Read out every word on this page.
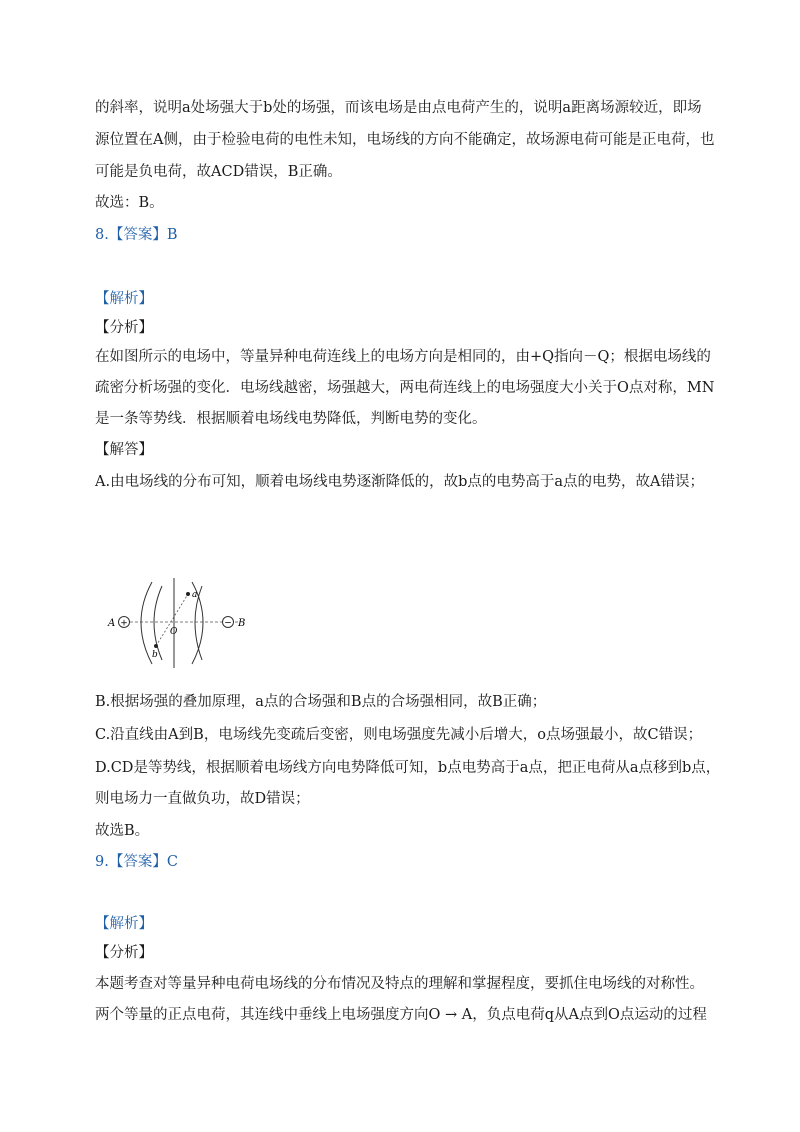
的斜率，说明a处场强大于b处的场强，而该电场是由点电荷产生的，说明a距离场源较近，即场
源位置在A侧，由于检验电荷的电性未知，电场线的方向不能确定，故场源电荷可能是正电荷，也
可能是负电荷，故ACD错误，B正确。
故选：B。
8.【答案】B
【解析】
【分析】
在如图所示的电场中，等量异种电荷连线上的电场方向是相同的，由+Q指向－Q；根据电场线的
疏密分析场强的变化．电场线越密，场强越大，两电荷连线上的电场强度大小关于O点对称，MN
是一条等势线．根据顺着电场线电势降低，判断电势的变化。
【解答】
A.由电场线的分布可知，顺着电场线电势逐渐降低的，故b点的电势高于a点的电势，故A错误；
+	−
A	B
O
a
b
B.根据场强的叠加原理，a点的合场强和B点的合场强相同，故B正确；
C.沿直线由A到B，电场线先变疏后变密，则电场强度先减小后增大，o点场强最小，故C错误；
D.CD是等势线，根据顺着电场线方向电势降低可知，b点电势高于a点，把正电荷从a点移到b点，
则电场力一直做负功，故D错误；
故选B。
9.【答案】C
【解析】
【分析】
本题考查对等量异种电荷电场线的分布情况及特点的理解和掌握程度，要抓住电场线的对称性。
两个等量的正点电荷，其连线中垂线上电场强度方向O → A，负点电荷q从A点到O点运动的过程
